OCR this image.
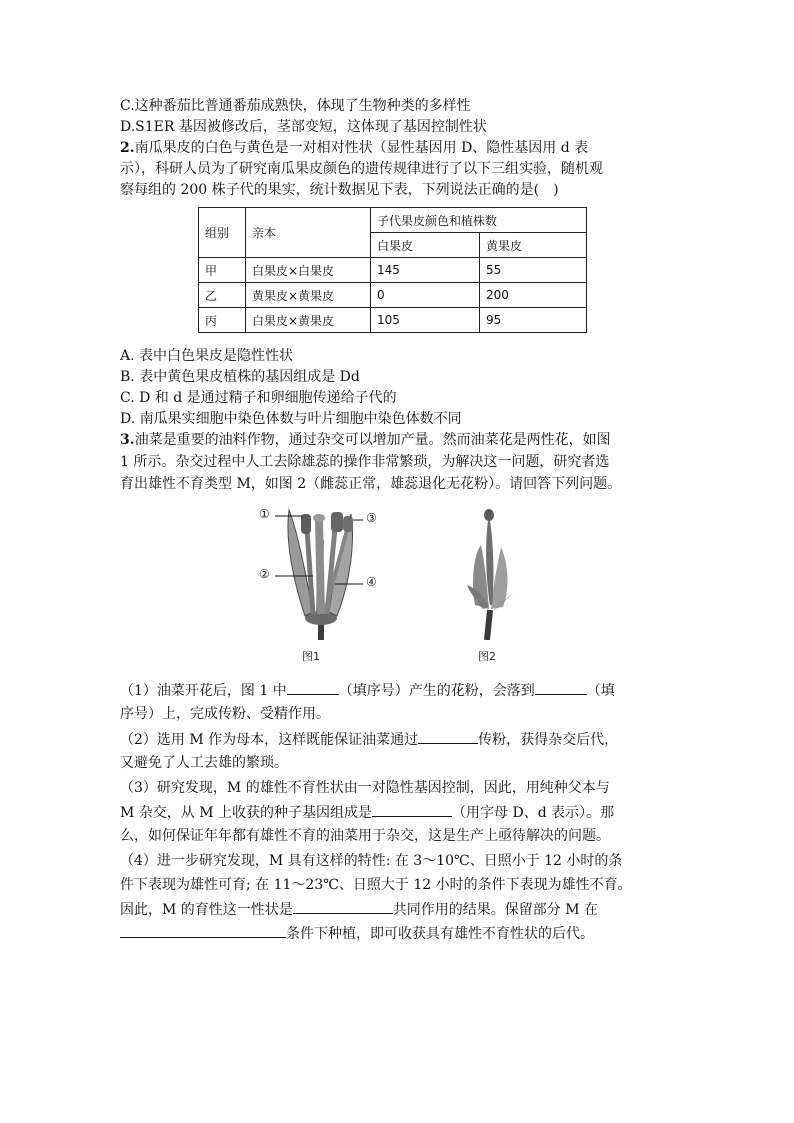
C.这种番茄比普通番茄成熟快，体现了生物种类的多样性
D.S1ER 基因被修改后，茎部变短，这体现了基因控制性状
2.南瓜果皮的白色与黄色是一对相对性状（显性基因用 D、隐性基因用 d 表
示），科研人员为了研究南瓜果皮颜色的遗传规律进行了以下三组实验，随机观
察每组的 200 株子代的果实，统计数据见下表，下列说法正确的是(　)
组别	亲本	子代果皮颜色和植株数	
		白果皮	黄果皮
甲	白果皮×白果皮	145	55
乙	黄果皮×黄果皮	0	200
丙	白果皮×黄果皮	105	95
A. 表中白色果皮是隐性性状
B. 表中黄色果皮植株的基因组成是 Dd
C. D 和 d 是通过精子和卵细胞传递给子代的
D. 南瓜果实细胞中染色体数与叶片细胞中染色体数不同
3.油菜是重要的油料作物，通过杂交可以增加产量。然而油菜花是两性花，如图
1 所示。杂交过程中人工去除雄蕊的操作非常繁琐，为解决这一问题，研究者选
育出雄性不育类型 M，如图 2（雌蕊正常，雄蕊退化无花粉）。请回答下列问题。
①
②
③
④
图1	图2
（1）油菜开花后，图 1 中	（填序号）产生的花粉，会落到	（填
序号）上，完成传粉、受精作用。
（2）选用 M 作为母本，这样既能保证油菜通过	传粉，获得杂交后代，
又避免了人工去雄的繁琐。
（3）研究发现，M 的雄性不育性状由一对隐性基因控制，因此，用纯种父本与
M 杂交，从 M 上收获的种子基因组成是	（用字母 D、d 表示）。那
么，如何保证年年都有雄性不育的油菜用于杂交，这是生产上亟待解决的问题。
（4）进一步研究发现，M 具有这样的特性: 在 3～10℃、日照小于 12 小时的条
件下表现为雄性可育; 在 11～23℃、日照大于 12 小时的条件下表现为雄性不育。
因此，M 的育性这一性状是	共同作用的结果。保留部分 M 在
条件下种植，即可收获具有雄性不育性状的后代。
